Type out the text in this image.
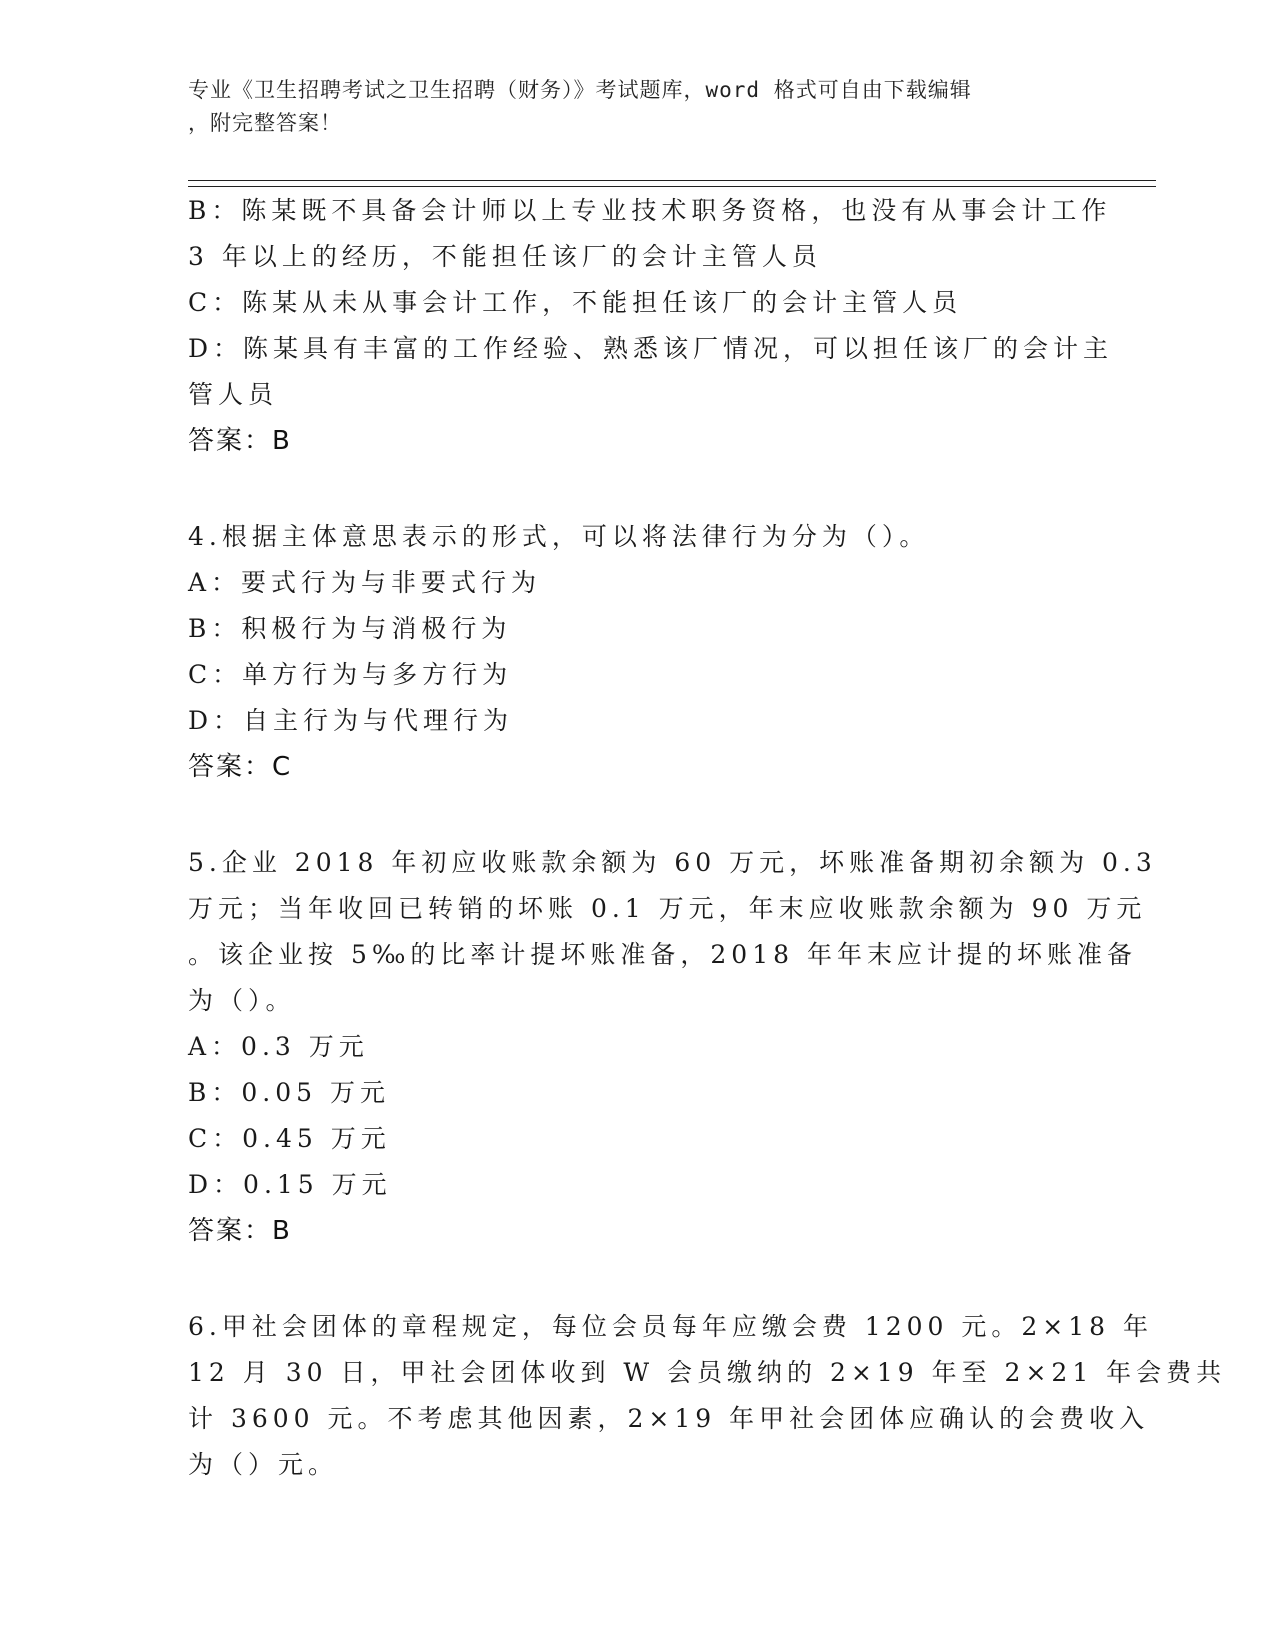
专业《卫生招聘考试之卫生招聘（财务）》考试题库，word 格式可自由下载编辑
，附完整答案！
B：陈某既不具备会计师以上专业技术职务资格，也没有从事会计工作
3 年以上的经历，不能担任该厂的会计主管人员
C：陈某从未从事会计工作，不能担任该厂的会计主管人员
D：陈某具有丰富的工作经验、熟悉该厂情况，可以担任该厂的会计主
管人员
答案：B
4.根据主体意思表示的形式，可以将法律行为分为（）。
A：要式行为与非要式行为
B：积极行为与消极行为
C：单方行为与多方行为
D：自主行为与代理行为
答案：C
5.企业 2018 年初应收账款余额为 60 万元，坏账准备期初余额为 0.3
万元；当年收回已转销的坏账 0.1 万元，年末应收账款余额为 90 万元
。该企业按 5‰的比率计提坏账准备，2018 年年末应计提的坏账准备
为（）。
A：0.3 万元
B：0.05 万元
C：0.45 万元
D：0.15 万元
答案：B
6.甲社会团体的章程规定，每位会员每年应缴会费 1200 元。2×18 年
12 月 30 日，甲社会团体收到 W 会员缴纳的 2×19 年至 2×21 年会费共
计 3600 元。不考虑其他因素，2×19 年甲社会团体应确认的会费收入
为（）元。
